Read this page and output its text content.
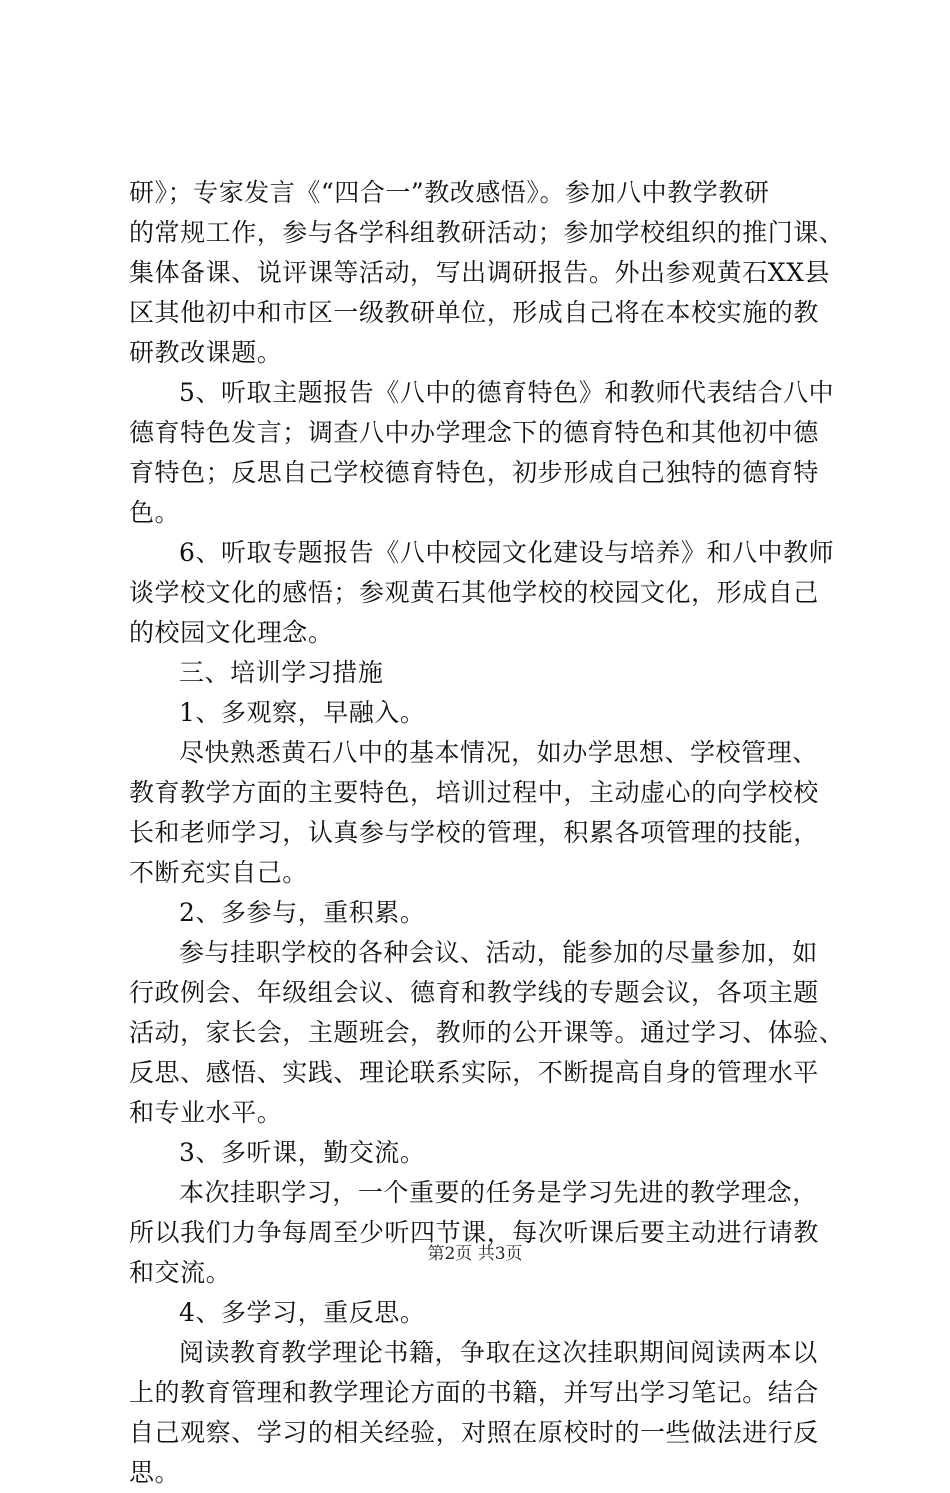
研》；专家发言《“四合一”教改感悟》。参加八中教学教研
的常规工作，参与各学科组教研活动；参加学校组织的推门课、
集体备课、说评课等活动，写出调研报告。外出参观黄石XX县
区其他初中和市区一级教研单位，形成自己将在本校实施的教
研教改课题。
5、听取主题报告《八中的德育特色》和教师代表结合八中
德育特色发言；调查八中办学理念下的德育特色和其他初中德
育特色；反思自己学校德育特色，初步形成自己独特的德育特
色。
6、听取专题报告《八中校园文化建设与培养》和八中教师
谈学校文化的感悟；参观黄石其他学校的校园文化，形成自己
的校园文化理念。
三、培训学习措施
1、多观察，早融入。
尽快熟悉黄石八中的基本情况，如办学思想、学校管理、
教育教学方面的主要特色，培训过程中，主动虚心的向学校校
长和老师学习，认真参与学校的管理，积累各项管理的技能，
不断充实自己。
2、多参与，重积累。
参与挂职学校的各种会议、活动，能参加的尽量参加，如
行政例会、年级组会议、德育和教学线的专题会议，各项主题
活动，家长会，主题班会，教师的公开课等。通过学习、体验、
反思、感悟、实践、理论联系实际，不断提高自身的管理水平
和专业水平。
3、多听课，勤交流。
本次挂职学习，一个重要的任务是学习先进的教学理念，
所以我们力争每周至少听四节课，每次听课后要主动进行请教
和交流。
4、多学习，重反思。
阅读教育教学理论书籍，争取在这次挂职期间阅读两本以
上的教育管理和教学理论方面的书籍，并写出学习笔记。结合
自己观察、学习的相关经验，对照在原校时的一些做法进行反
思。
第2页 共3页
